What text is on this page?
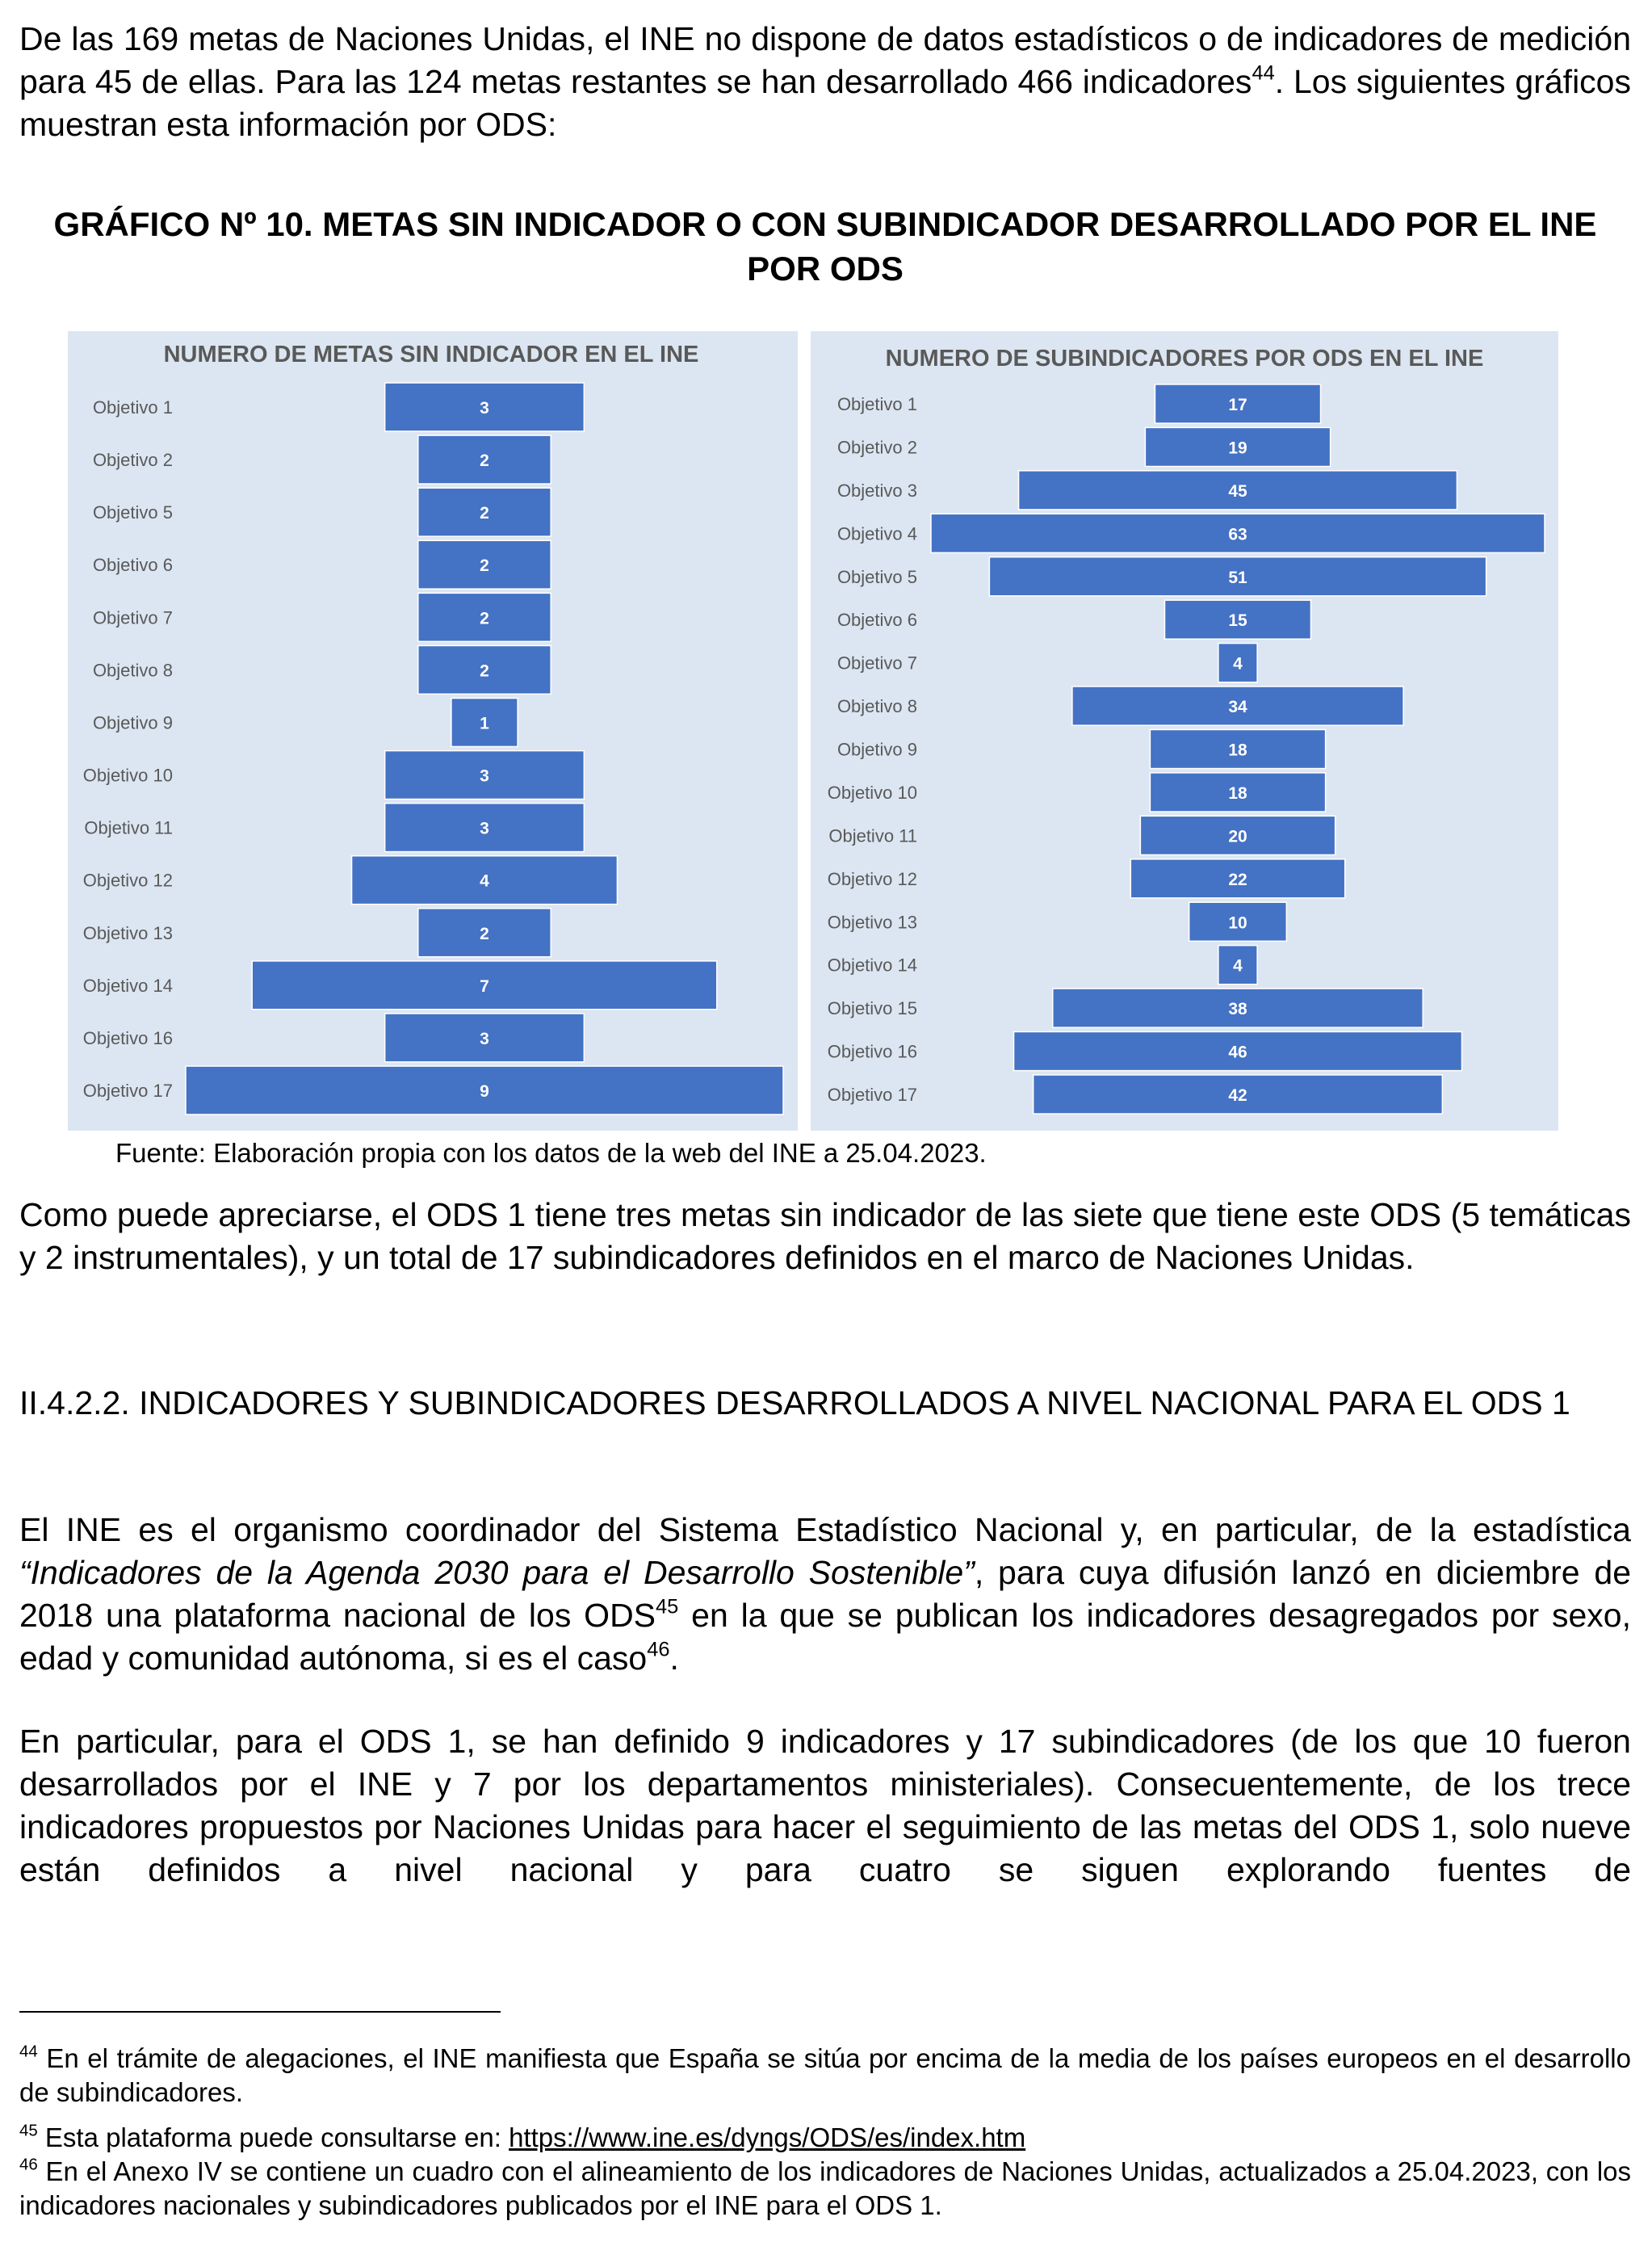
De las 169 metas de Naciones Unidas, el INE no dispone de datos estadísticos o de indicadores de medición para 45 de ellas. Para las 124 metas restantes se han desarrollado 466 indicadores$^{44}$. Los siguientes gráficos muestran esta información por ODS:

GRÁFICO Nº 10. METAS SIN INDICADOR O CON SUBINDICADOR DESARROLLADO POR EL INE POR ODS

NUMERO DE METAS SIN INDICADOR EN EL INE
Objetivo 1	3
Objetivo 2	2
Objetivo 5	2
Objetivo 6	2
Objetivo 7	2
Objetivo 8	2
Objetivo 9	1
Objetivo 10	3
Objetivo 11	3
Objetivo 12	4
Objetivo 13	2
Objetivo 14	7
Objetivo 16	3
Objetivo 17	9
NUMERO DE SUBINDICADORES POR ODS EN EL INE
Objetivo 1	17
Objetivo 2	19
Objetivo 3	45
Objetivo 4	63
Objetivo 5	51
Objetivo 6	15
Objetivo 7	4
Objetivo 8	34
Objetivo 9	18
Objetivo 10	18
Objetivo 11	20
Objetivo 12	22
Objetivo 13	10
Objetivo 14	4
Objetivo 15	38
Objetivo 16	46
Objetivo 17	42

Fuente: Elaboración propia con los datos de la web del INE a 25.04.2023.

Como puede apreciarse, el ODS 1 tiene tres metas sin indicador de las siete que tiene este ODS (5 temáticas y 2 instrumentales), y un total de 17 subindicadores definidos en el marco de Naciones Unidas.

II.4.2.2. INDICADORES Y SUBINDICADORES DESARROLLADOS A NIVEL NACIONAL PARA EL ODS 1

El INE es el organismo coordinador del Sistema Estadístico Nacional y, en particular, de la estadística “Indicadores de la Agenda 2030 para el Desarrollo Sostenible”, para cuya difusión lanzó en diciembre de 2018 una plataforma nacional de los ODS$^{45}$ en la que se publican los indicadores desagregados por sexo, edad y comunidad autónoma, si es el caso$^{46}$.

En particular, para el ODS 1, se han definido 9 indicadores y 17 subindicadores (de los que 10 fueron desarrollados por el INE y 7 por los departamentos ministeriales). Consecuentemente, de los trece indicadores propuestos por Naciones Unidas para hacer el seguimiento de las metas del ODS 1, solo nueve están definidos a nivel nacional y para cuatro se siguen explorando fuentes de

$^{44}$ En el trámite de alegaciones, el INE manifiesta que España se sitúa por encima de la media de los países europeos en el desarrollo de subindicadores.

$^{45}$ Esta plataforma puede consultarse en: https://www.ine.es/dyngs/ODS/es/index.htm

$^{46}$ En el Anexo IV se contiene un cuadro con el alineamiento de los indicadores de Naciones Unidas, actualizados a 25.04.2023, con los indicadores nacionales y subindicadores publicados por el INE para el ODS 1.
